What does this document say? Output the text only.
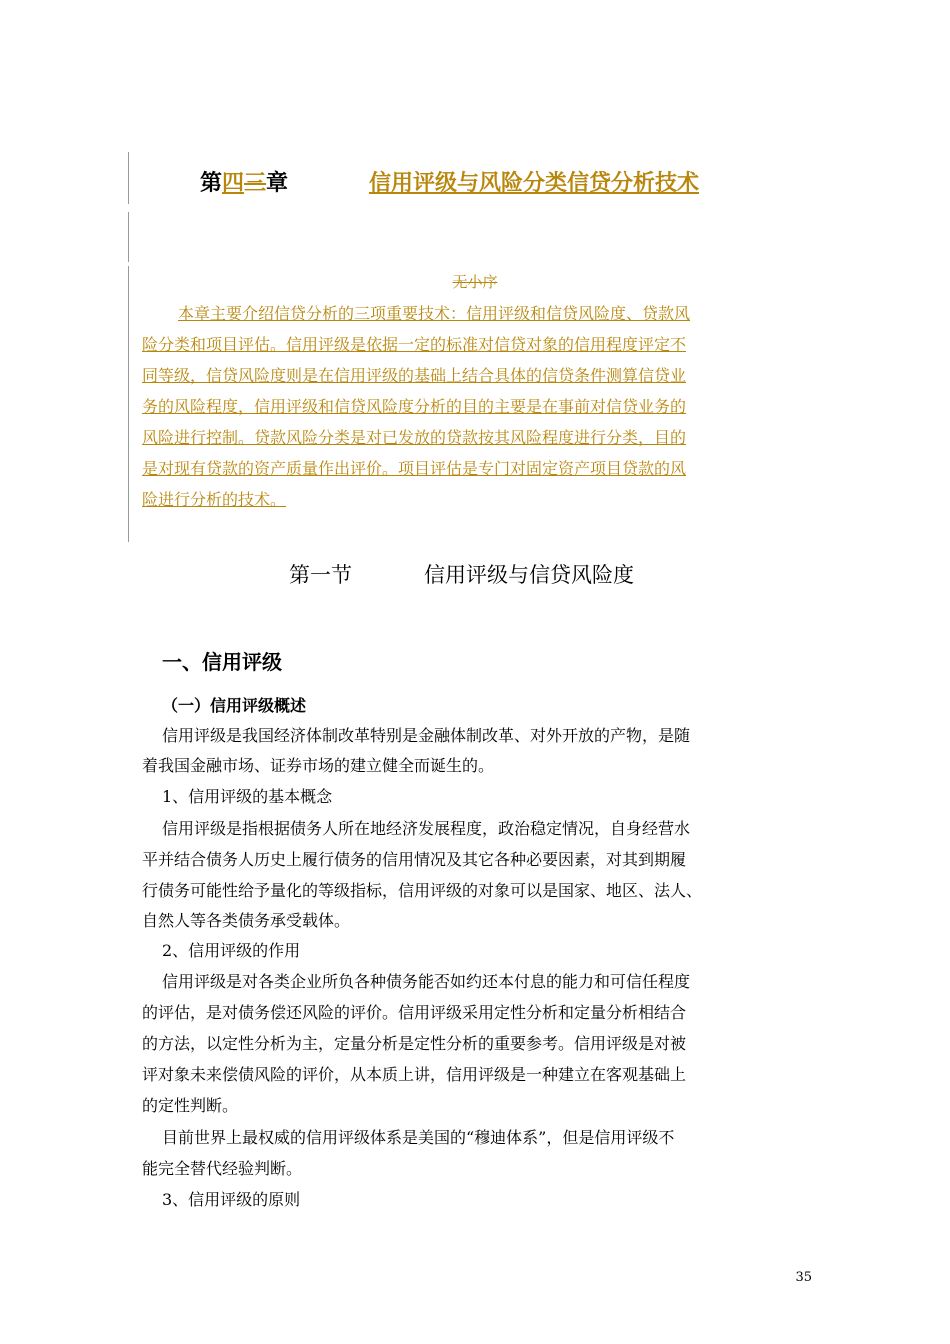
第四三章	信用评级与风险分类信贷分析技术
无小序
本章主要介绍信贷分析的三项重要技术：信用评级和信贷风险度、贷款风
险分类和项目评估。信用评级是依据一定的标准对信贷对象的信用程度评定不
同等级，信贷风险度则是在信用评级的基础上结合具体的信贷条件测算信贷业
务的风险程度，信用评级和信贷风险度分析的目的主要是在事前对信贷业务的
风险进行控制。贷款风险分类是对已发放的贷款按其风险程度进行分类，目的
是对现有贷款的资产质量作出评价。项目评估是专门对固定资产项目贷款的风
险进行分析的技术。
第一节	信用评级与信贷风险度
一、信用评级
（一）信用评级概述
信用评级是我国经济体制改革特别是金融体制改革、对外开放的产物，是随
着我国金融市场、证券市场的建立健全而诞生的。
1、信用评级的基本概念
信用评级是指根据债务人所在地经济发展程度，政治稳定情况，自身经营水
平并结合债务人历史上履行债务的信用情况及其它各种必要因素，对其到期履
行债务可能性给予量化的等级指标，信用评级的对象可以是国家、地区、法人、
自然人等各类债务承受载体。
2、信用评级的作用
信用评级是对各类企业所负各种债务能否如约还本付息的能力和可信任程度
的评估，是对债务偿还风险的评价。信用评级采用定性分析和定量分析相结合
的方法，以定性分析为主，定量分析是定性分析的重要参考。信用评级是对被
评对象未来偿债风险的评价，从本质上讲，信用评级是一种建立在客观基础上
的定性判断。
目前世界上最权威的信用评级体系是美国的“穆迪体系”，但是信用评级不
能完全替代经验判断。
3、信用评级的原则
35
